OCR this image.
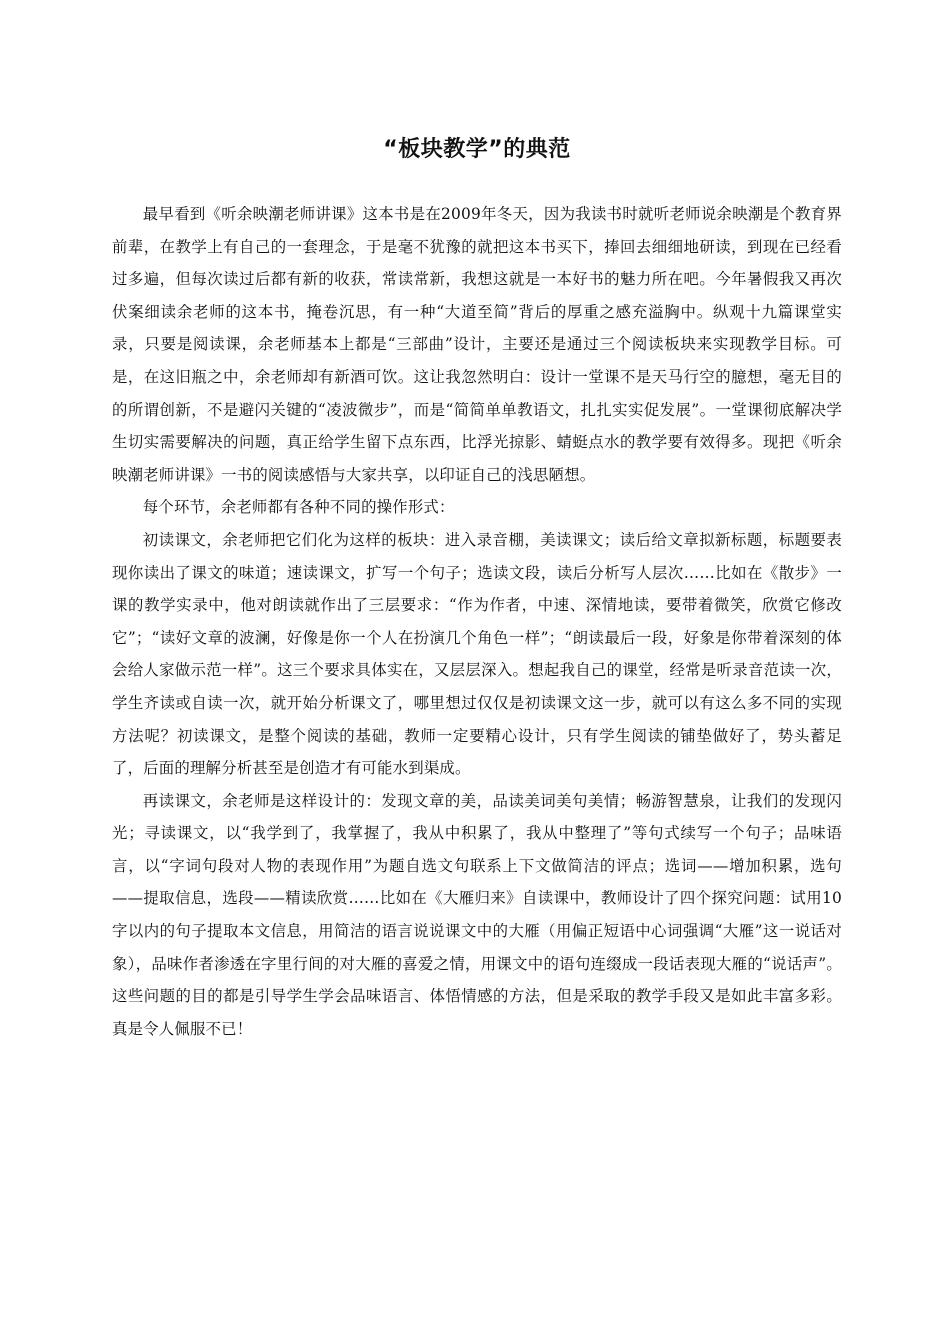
“板块教学”的典范

最早看到《听余映潮老师讲课》这本书是在2009年冬天，因为我读书时就听老师说余映潮是个教育界前辈，在教学上有自己的一套理念，于是毫不犹豫的就把这本书买下，捧回去细细地研读，到现在已经看过多遍，但每次读过后都有新的收获，常读常新，我想这就是一本好书的魅力所在吧。今年暑假我又再次伏案细读余老师的这本书，掩卷沉思，有一种“大道至简”背后的厚重之感充溢胸中。纵观十九篇课堂实录，只要是阅读课，余老师基本上都是“三部曲”设计，主要还是通过三个阅读板块来实现教学目标。可是，在这旧瓶之中，余老师却有新酒可饮。这让我忽然明白：设计一堂课不是天马行空的臆想，毫无目的的所谓创新，不是避闪关键的“凌波微步”，而是“简简单单教语文，扎扎实实促发展”。一堂课彻底解决学生切实需要解决的问题，真正给学生留下点东西，比浮光掠影、蜻蜓点水的教学要有效得多。现把《听余映潮老师讲课》一书的阅读感悟与大家共享，以印证自己的浅思陋想。

每个环节，余老师都有各种不同的操作形式：

初读课文，余老师把它们化为这样的板块：进入录音棚，美读课文；读后给文章拟新标题，标题要表现你读出了课文的味道；速读课文，扩写一个句子；选读文段，读后分析写人层次……比如在《散步》一课的教学实录中，他对朗读就作出了三层要求：“作为作者，中速、深情地读，要带着微笑，欣赏它修改它”；“读好文章的波澜，好像是你一个人在扮演几个角色一样”；“朗读最后一段，好象是你带着深刻的体会给人家做示范一样”。这三个要求具体实在，又层层深入。想起我自己的课堂，经常是听录音范读一次，学生齐读或自读一次，就开始分析课文了，哪里想过仅仅是初读课文这一步，就可以有这么多不同的实现方法呢？初读课文，是整个阅读的基础，教师一定要精心设计，只有学生阅读的铺垫做好了，势头蓄足了，后面的理解分析甚至是创造才有可能水到渠成。

再读课文，余老师是这样设计的：发现文章的美，品读美词美句美情；畅游智慧泉，让我们的发现闪光；寻读课文，以“我学到了，我掌握了，我从中积累了，我从中整理了”等句式续写一个句子；品味语言，以“字词句段对人物的表现作用”为题自选文句联系上下文做简洁的评点；选词——增加积累，选句——提取信息，选段——精读欣赏……比如在《大雁归来》自读课中，教师设计了四个探究问题：试用10字以内的句子提取本文信息，用简洁的语言说说课文中的大雁（用偏正短语中心词强调“大雁”这一说话对象），品味作者渗透在字里行间的对大雁的喜爱之情，用课文中的语句连缀成一段话表现大雁的“说话声”。这些问题的目的都是引导学生学会品味语言、体悟情感的方法，但是采取的教学手段又是如此丰富多彩。真是令人佩服不已！
